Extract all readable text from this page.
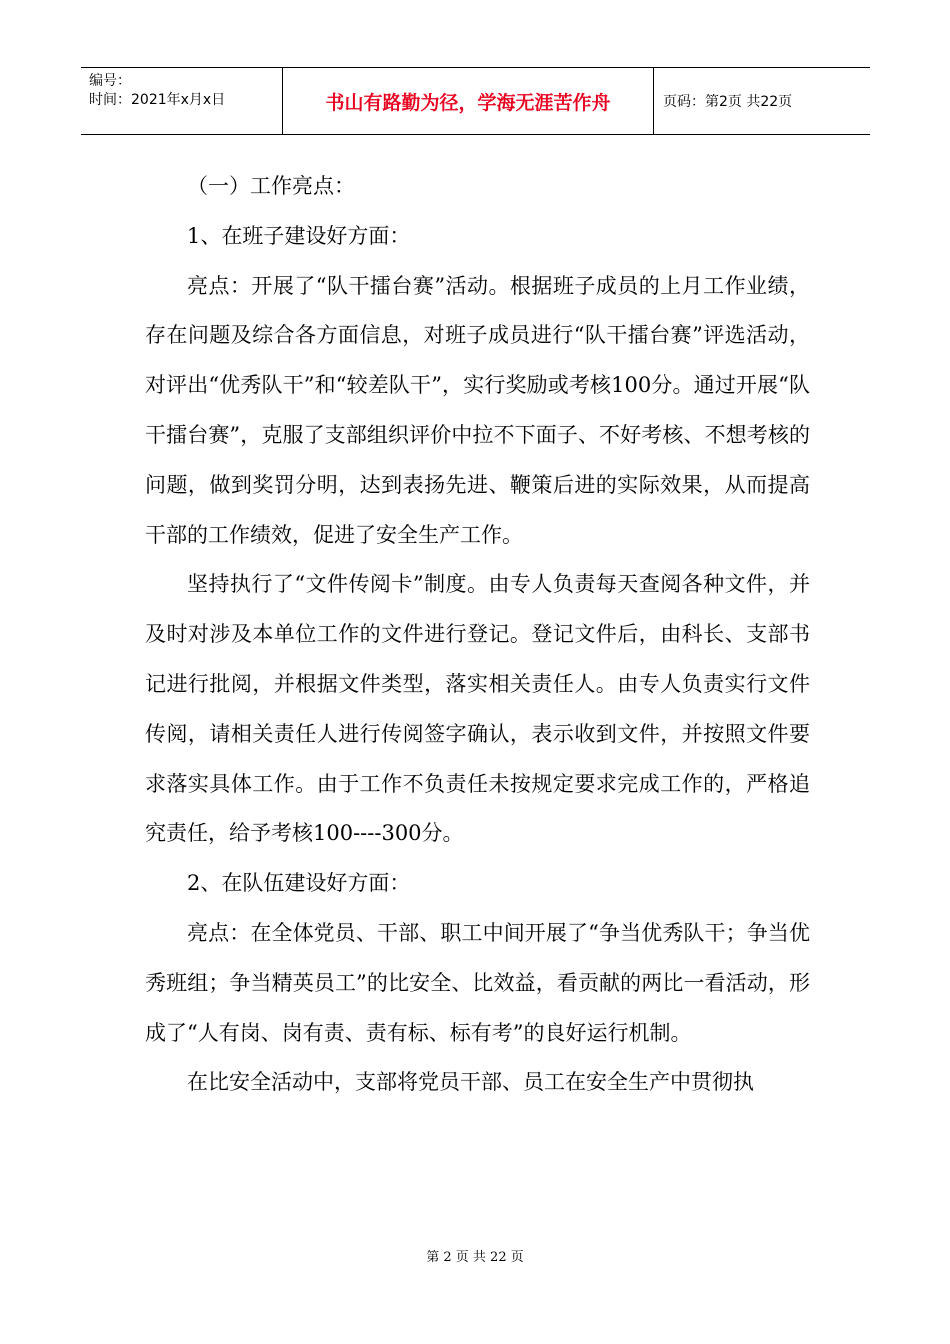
编号：
时间：2021年x月x日	书山有路勤为径，学海无涯苦作舟	页码：第2页 共22页

（一）工作亮点：

1、在班子建设好方面：

亮点：开展了“队干擂台赛”活动。根据班子成员的上月工作业绩，存在问题及综合各方面信息，对班子成员进行“队干擂台赛”评选活动，对评出“优秀队干”和“较差队干”，实行奖励或考核100分。通过开展“队干擂台赛”，克服了支部组织评价中拉不下面子、不好考核、不想考核的问题，做到奖罚分明，达到表扬先进、鞭策后进的实际效果，从而提高干部的工作绩效，促进了安全生产工作。

坚持执行了“文件传阅卡”制度。由专人负责每天查阅各种文件，并及时对涉及本单位工作的文件进行登记。登记文件后，由科长、支部书记进行批阅，并根据文件类型，落实相关责任人。由专人负责实行文件传阅，请相关责任人进行传阅签字确认，表示收到文件，并按照文件要求落实具体工作。由于工作不负责任未按规定要求完成工作的，严格追究责任，给予考核100----300分。

2、在队伍建设好方面：

亮点：在全体党员、干部、职工中间开展了“争当优秀队干；争当优秀班组；争当精英员工”的比安全、比效益，看贡献的两比一看活动，形成了“人有岗、岗有责、责有标、标有考”的良好运行机制。

在比安全活动中，支部将党员干部、员工在安全生产中贯彻执

第 2 页 共 22 页
